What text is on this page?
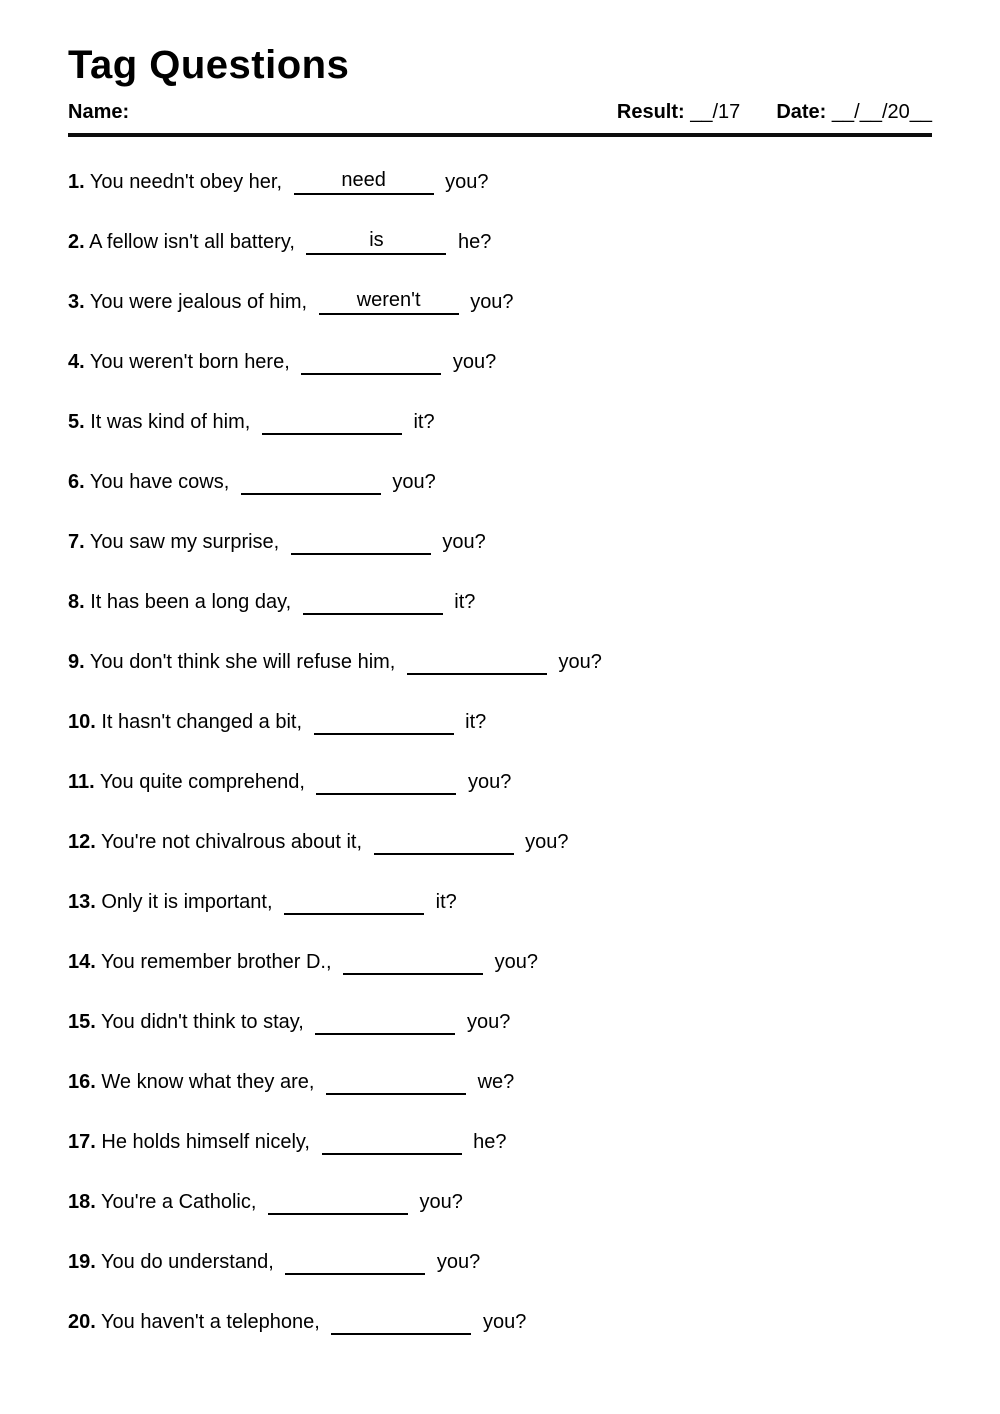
Tag Questions
Name:	Result: __/17 Date: __/__/20__
1. You needn't obey her,	need	you?
2. A fellow isn't all battery,	is	he?
3. You were jealous of him,	weren't	you?
4. You weren't born here,	you?
5. It was kind of him,	it?
6. You have cows,	you?
7. You saw my surprise,	you?
8. It has been a long day,	it?
9. You don't think she will refuse him,	you?
10. It hasn't changed a bit,	it?
11. You quite comprehend,	you?
12. You're not chivalrous about it,	you?
13. Only it is important,	it?
14. You remember brother D.,	you?
15. You didn't think to stay,	you?
16. We know what they are,	we?
17. He holds himself nicely,	he?
18. You're a Catholic,	you?
19. You do understand,	you?
20. You haven't a telephone,	you?
